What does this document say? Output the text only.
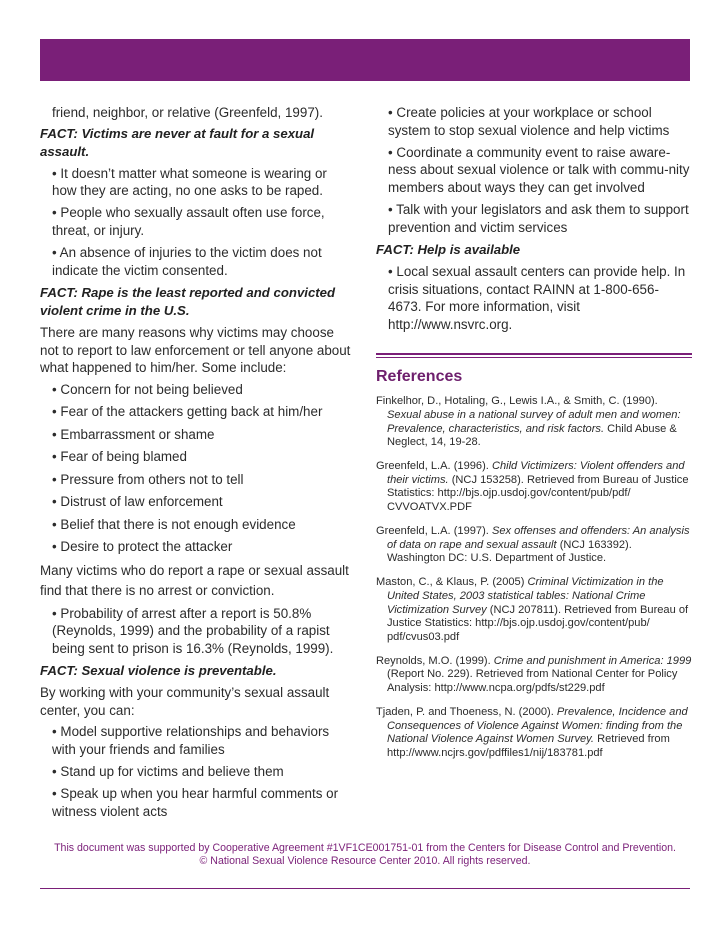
friend, neighbor, or relative (Greenfeld, 1997).

FACT: Victims are never at fault for a sexual assault.

• It doesn’t matter what someone is wearing or how they are acting, no one asks to be raped.

• People who sexually assault often use force, threat, or injury.

• An absence of injuries to the victim does not indicate the victim consented.

FACT: Rape is the least reported and convicted violent crime in the U.S.

There are many reasons why victims may choose not to report to law enforcement or tell anyone about what happened to him/her. Some include:

• Concern for not being believed

• Fear of the attackers getting back at him/her

• Embarrassment or shame

• Fear of being blamed

• Pressure from others not to tell

• Distrust of law enforcement

• Belief that there is not enough evidence

• Desire to protect the attacker

Many victims who do report a rape or sexual assault find that there is no arrest or conviction.

• Probability of arrest after a report is 50.8% (Reynolds, 1999) and the probability of a rapist being sent to prison is 16.3% (Reynolds, 1999).

FACT: Sexual violence is preventable.

By working with your community’s sexual assault center, you can:

• Model supportive relationships and behaviors with your friends and families

• Stand up for victims and believe them

• Speak up when you hear harmful comments or witness violent acts

• Create policies at your workplace or school system to stop sexual violence and help victims

• Coordinate a community event to raise aware-ness about sexual violence or talk with commu-nity members about ways they can get involved

• Talk with your legislators and ask them to support prevention and victim services

FACT: Help is available

• Local sexual assault centers can provide help. In crisis situations, contact RAINN at 1-800-656-4673. For more information, visit http://www.nsvrc.org.

References

Finkelhor, D., Hotaling, G., Lewis I.A., & Smith, C. (1990). Sexual abuse in a national survey of adult men and women: Prevalence, characteristics, and risk factors. Child Abuse & Neglect, 14, 19-28.

Greenfeld, L.A. (1996). Child Victimizers: Violent offenders and their victims. (NCJ 153258). Retrieved from Bureau of Justice Statistics: http://bjs.ojp.usdoj.gov/content/pub/pdf/ CVVOATVX.PDF

Greenfeld, L.A. (1997). Sex offenses and offenders: An analysis of data on rape and sexual assault (NCJ 163392). Washington DC: U.S. Department of Justice.

Maston, C., & Klaus, P. (2005) Criminal Victimization in the United States, 2003 statistical tables: National Crime Victimization Survey (NCJ 207811). Retrieved from Bureau of Justice Statistics: http://bjs.ojp.usdoj.gov/content/pub/ pdf/cvus03.pdf

Reynolds, M.O. (1999). Crime and punishment in America: 1999 (Report No. 229). Retrieved from National Center for Policy Analysis: http://www.ncpa.org/pdfs/st229.pdf

Tjaden, P. and Thoeness, N. (2000). Prevalence, Incidence and Consequences of Violence Against Women: finding from the National Violence Against Women Survey. Retrieved from http://www.ncjrs.gov/pdffiles1/nij/183781.pdf

This document was supported by Cooperative Agreement #1VF1CE001751-01 from the Centers for Disease Control and Prevention.
© National Sexual Violence Resource Center 2010. All rights reserved.
